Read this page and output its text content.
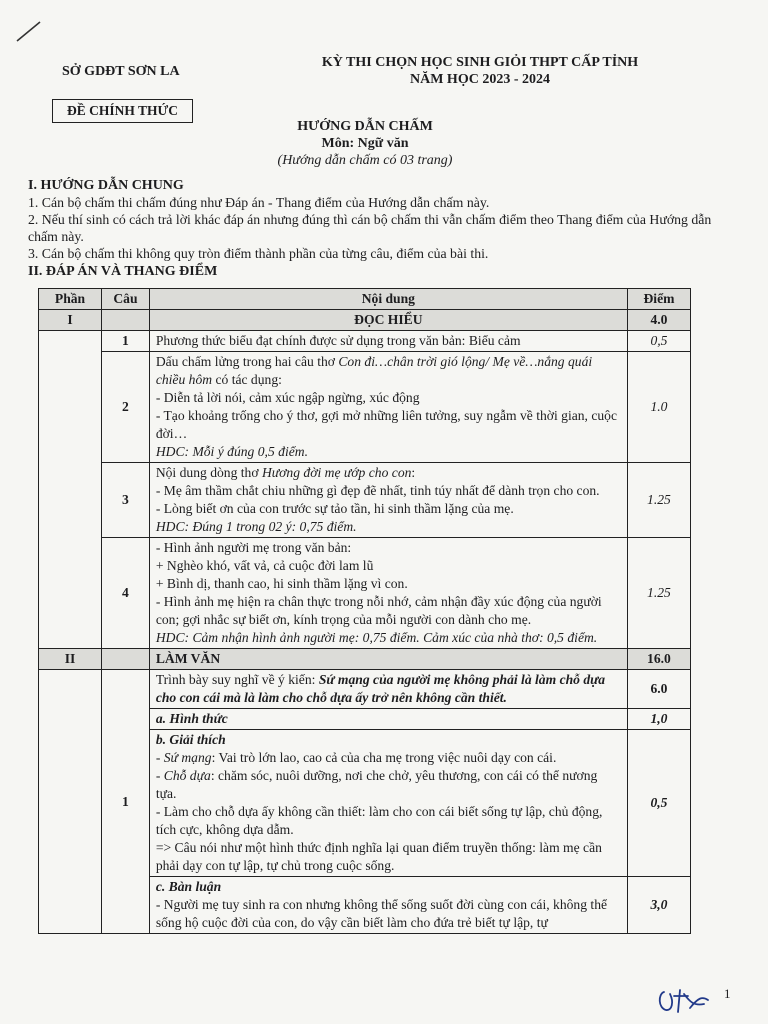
SỞ GDĐT SƠN LA
KỲ THI CHỌN HỌC SINH GIỎI THPT CẤP TỈNH
NĂM HỌC 2023 - 2024
ĐỀ CHÍNH THỨC
HƯỚNG DẪN CHẤM
Môn: Ngữ văn
(Hướng dẫn chấm có 03 trang)
I. HƯỚNG DẪN CHUNG

1. Cán bộ chấm thi chấm đúng như Đáp án - Thang điểm của Hướng dẫn chấm này.

2. Nếu thí sinh có cách trả lời khác đáp án nhưng đúng thì cán bộ chấm thi vẫn chấm điểm theo Thang điểm của Hướng dẫn chấm này.

3. Cán bộ chấm thi không quy tròn điểm thành phần của từng câu, điểm của bài thi.

II. ĐÁP ÁN VÀ THANG ĐIỂM
Phần	Câu	Nội dung	Điểm
I		ĐỌC HIỂU	4.0
	1	Phương thức biểu đạt chính được sử dụng trong văn bản: Biểu cảm	0,5
	2	Dấu chấm lửng trong hai câu thơ Con đi…chân trời gió lộng/ Mẹ về…nắng quái chiều hôm có tác dụng:
- Diễn tả lời nói, cảm xúc ngập ngừng, xúc động
- Tạo khoảng trống cho ý thơ, gợi mở những liên tưởng, suy ngẫm về thời gian, cuộc đời…
HDC: Mỗi ý đúng 0,5 điểm.	1.0
	3	Nội dung dòng thơ Hương đời mẹ ướp cho con:
- Mẹ âm thầm chắt chiu những gì đẹp đẽ nhất, tinh túy nhất để dành trọn cho con.
- Lòng biết ơn của con trước sự tảo tần, hi sinh thầm lặng của mẹ.
HDC: Đúng 1 trong 02 ý: 0,75 điểm.	1.25
	4	- Hình ảnh người mẹ trong văn bản:
+ Nghèo khó, vất vả, cả cuộc đời lam lũ
+ Bình dị, thanh cao, hi sinh thầm lặng vì con.
- Hình ảnh mẹ hiện ra chân thực trong nỗi nhớ, cảm nhận đầy xúc động của người con; gợi nhắc sự biết ơn, kính trọng của mỗi người con dành cho mẹ.
HDC: Cảm nhận hình ảnh người mẹ: 0,75 điểm. Cảm xúc của nhà thơ: 0,5 điểm.	1.25
II		LÀM VĂN	16.0
	1	Trình bày suy nghĩ về ý kiến: Sứ mạng của người mẹ không phải là làm chỗ dựa cho con cái mà là làm cho chỗ dựa ấy trở nên không cần thiết.	6.0
		a. Hình thức	1,0

		b. Giải thích
- Sứ mạng: Vai trò lớn lao, cao cả của cha mẹ trong việc nuôi dạy con cái.
- Chỗ dựa: chăm sóc, nuôi dưỡng, nơi che chở, yêu thương, con cái có thể nương tựa.
- Làm cho chỗ dựa ấy không cần thiết: làm cho con cái biết sống tự lập, chủ động, tích cực, không dựa dẫm.
=> Câu nói như một hình thức định nghĩa lại quan điểm truyền thống: làm mẹ cần phải dạy con tự lập, tự chủ trong cuộc sống.	0,5

		c. Bàn luận
- Người mẹ tuy sinh ra con nhưng không thể sống suốt đời cùng con cái, không thể sống hộ cuộc đời của con, do vậy cần biết làm cho đứa trẻ biết tự lập, tự	3,0
1
